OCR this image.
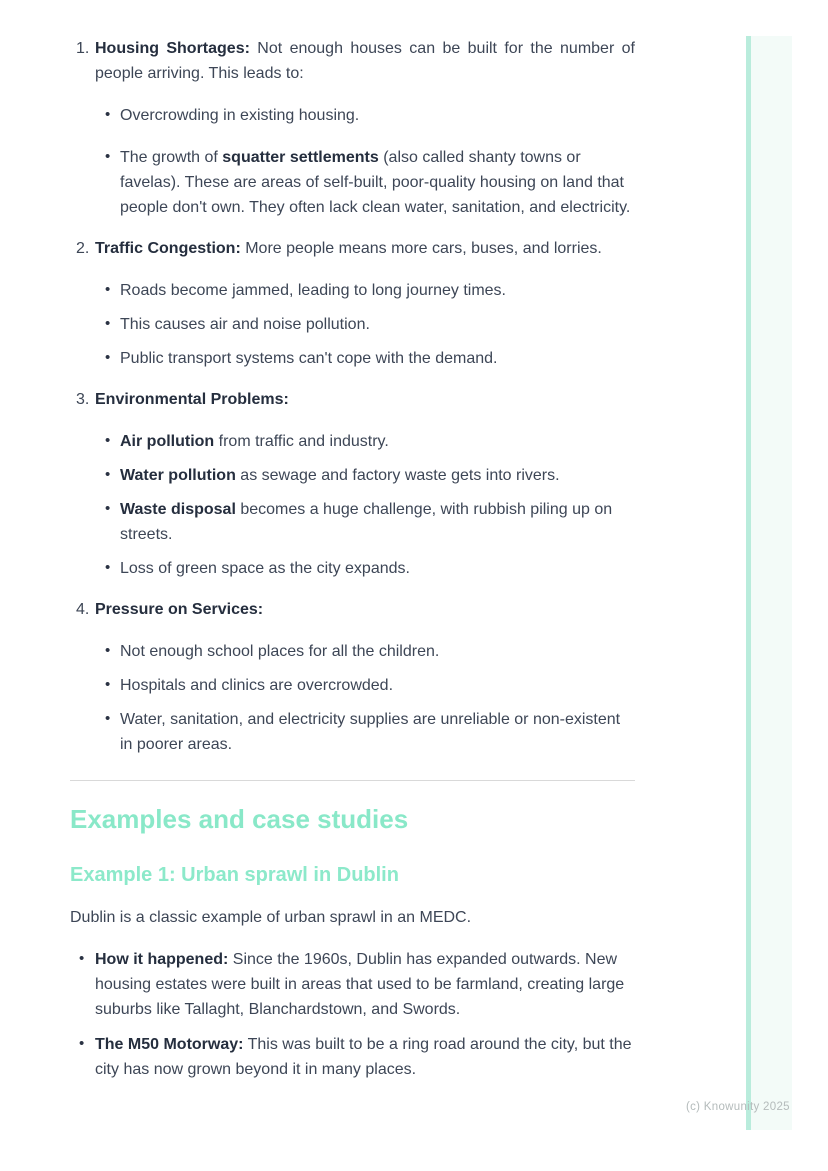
1. Housing Shortages: Not enough houses can be built for the number of people arriving. This leads to:

• Overcrowding in existing housing.
• The growth of squatter settlements (also called shanty towns or favelas). These are areas of self-built, poor-quality housing on land that people don't own. They often lack clean water, sanitation, and electricity.
2. Traffic Congestion: More people means more cars, buses, and lorries.

• Roads become jammed, leading to long journey times.
• This causes air and noise pollution.
• Public transport systems can't cope with the demand.
3. Environmental Problems:

• Air pollution from traffic and industry.
• Water pollution as sewage and factory waste gets into rivers.
• Waste disposal becomes a huge challenge, with rubbish piling up on streets.
• Loss of green space as the city expands.
4. Pressure on Services:

• Not enough school places for all the children.
• Hospitals and clinics are overcrowded.
• Water, sanitation, and electricity supplies are unreliable or non-existent in poorer areas.
Examples and case studies
Example 1: Urban sprawl in Dublin

Dublin is a classic example of urban sprawl in an MEDC.

• How it happened: Since the 1960s, Dublin has expanded outwards. New housing estates were built in areas that used to be farmland, creating large suburbs like Tallaght, Blanchardstown, and Swords.
• The M50 Motorway: This was built to be a ring road around the city, but the city has now grown beyond it in many places.
(c) Knowunity 2025
